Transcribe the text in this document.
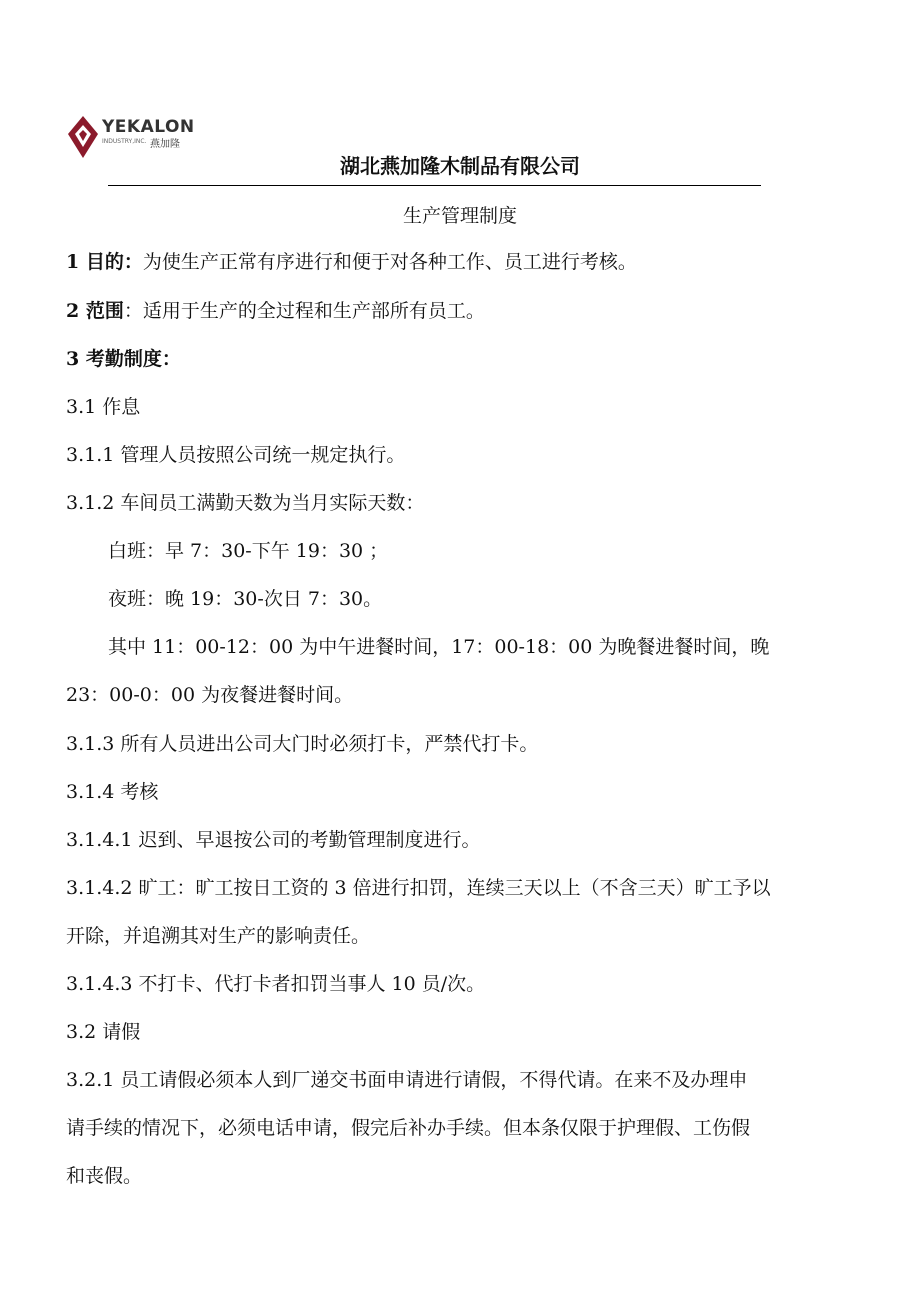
YEKALON
INDUSTRY,INC. 燕加隆
湖北燕加隆木制品有限公司
生产管理制度
1 目的：为使生产正常有序进行和便于对各种工作、员工进行考核。
2 范围：适用于生产的全过程和生产部所有员工。
3 考勤制度：
3.1 作息
3.1.1 管理人员按照公司统一规定执行。
3.1.2 车间员工满勤天数为当月实际天数：
白班：早 7：30-下午 19：30 ；
夜班：晚 19：30-次日 7：30。
其中 11：00-12：00 为中午进餐时间，17：00-18：00 为晚餐进餐时间，晚
23：00-0：00 为夜餐进餐时间。
3.1.3 所有人员进出公司大门时必须打卡，严禁代打卡。
3.1.4 考核
3.1.4.1 迟到、早退按公司的考勤管理制度进行。
3.1.4.2 旷工：旷工按日工资的 3 倍进行扣罚，连续三天以上（不含三天）旷工予以
开除，并追溯其对生产的影响责任。
3.1.4.3 不打卡、代打卡者扣罚当事人 10 员/次。
3.2 请假
3.2.1 员工请假必须本人到厂递交书面申请进行请假，不得代请。在来不及办理申
请手续的情况下，必须电话申请，假完后补办手续。但本条仅限于护理假、工伤假
和丧假。
